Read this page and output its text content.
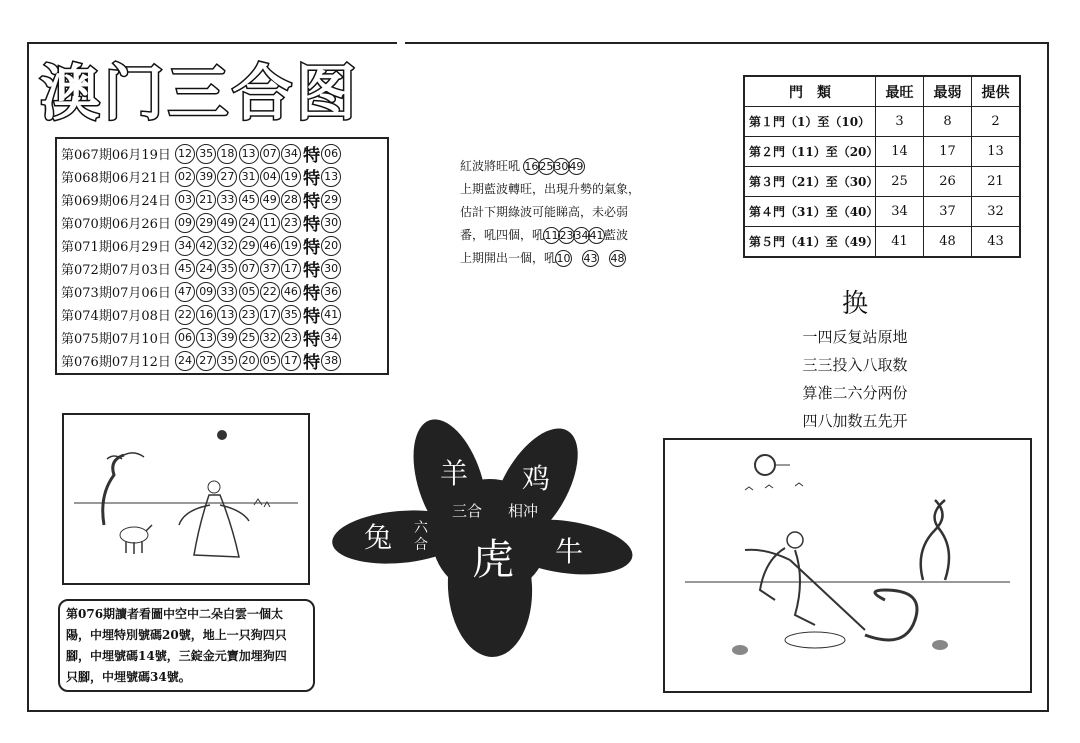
澳门三合图
第067期06月19日 12 35 18 13 07 34 特 06
第068期06月21日 02 39 27 31 04 19 特 13
第069期06月24日 03 21 33 45 49 28 特 29
第070期06月26日 09 29 49 24 11 23 特 30
第071期06月29日 34 42 32 29 46 19 特 20
第072期07月03日 45 24 35 07 37 17 特 30
第073期07月06日 47 09 33 05 22 46 特 36
第074期07月08日 22 16 13 23 17 35 特 41
第075期07月10日 06 13 39 25 32 23 特 34
第076期07月12日 24 27 35 20 05 17 特 38
紅波將旺吼 16253049
上期藍波轉旺，出現升勢的氣象，
估計下期綠波可能睇高，未必弱
番，吼四個，吼11233441藍波
上期開出一個，吼10  43  48
門　類	最旺	最弱	提供
第１門（1）至（10）	3	8	2
第２門（11）至（20）	14	17	13
第３門（21）至（30）	25	26	21
第４門（31）至（40）	34	37	32
第５門（41）至（49）	41	48	43
换
一四反复站原地
三三投入八取数
算准二六分两份
四八加数五先开
羊 鸡
三合 相冲
兔 六合 虎 牛
第076期讀者看圖中空中二朵白雲一個太
陽，中埋特別號碼20號，地上一只狗四只
腳，中埋號碼14號，三錠金元寶加埋狗四
只腳，中埋號碼34號。
